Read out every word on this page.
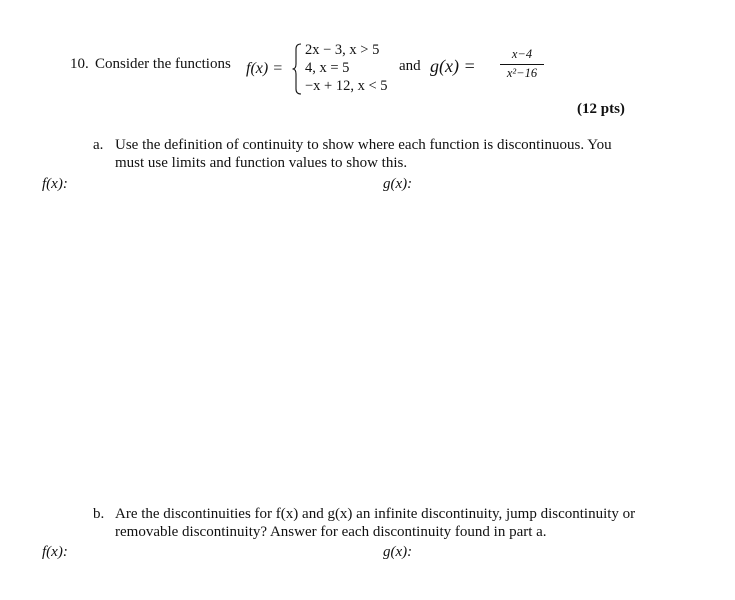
10. Consider the functions f(x) =
2x − 3, x > 5
4, x = 5
−x + 12, x < 5
and g(x) =
x−4
x²−16
(12 pts)
a. Use the definition of continuity to show where each function is discontinuous. You
must use limits and function values to show this.
f(x):	g(x):
b. Are the discontinuities for f(x) and g(x) an infinite discontinuity, jump discontinuity or
removable discontinuity? Answer for each discontinuity found in part a.
f(x):	g(x):
